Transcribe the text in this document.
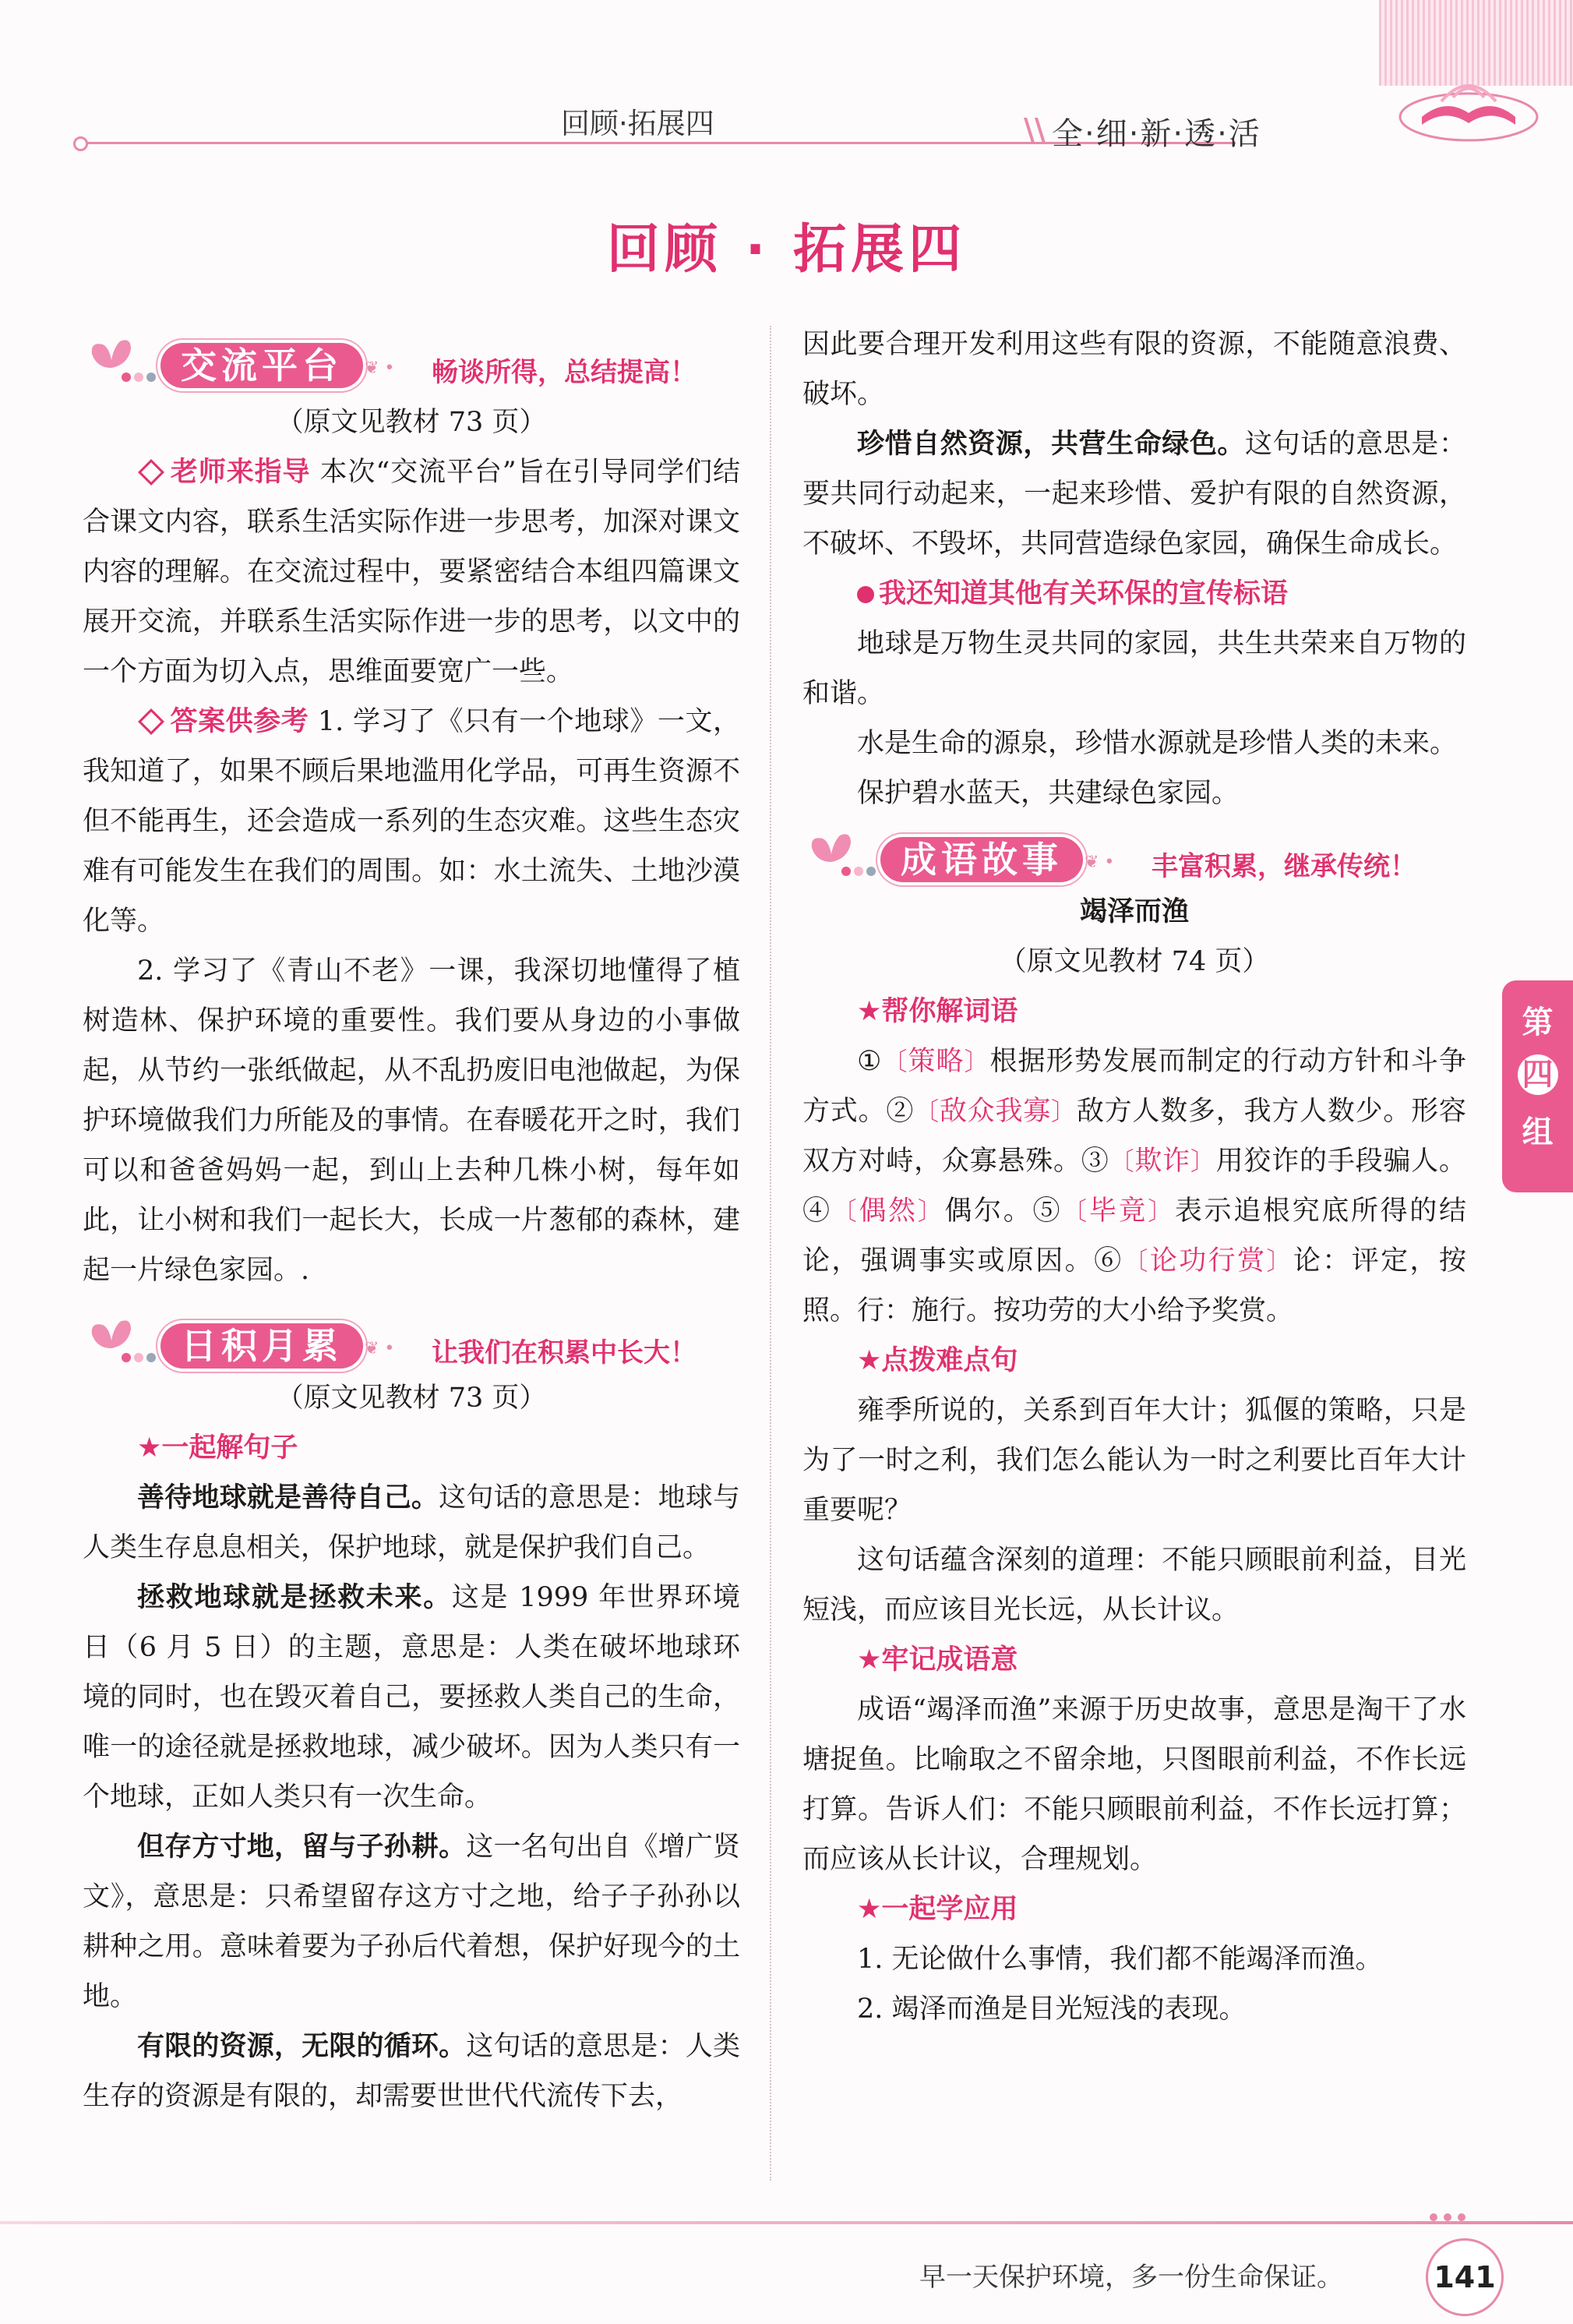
回顾·拓展四	\\ 全·细·新·透·活
回顾 · 拓展四
第
四
组
交流平台	❦ • 畅谈所得，总结提高！

（原文见教材 73 页）

老师来指导 本次“交流平台”旨在引导同学们结合课文内容，联系生活实际作进一步思考，加深对课文内容的理解。在交流过程中，要紧密结合本组四篇课文展开交流，并联系生活实际作进一步的思考，以文中的一个方面为切入点，思维面要宽广一些。

答案供参考 1. 学习了《只有一个地球》一文，我知道了，如果不顾后果地滥用化学品，可再生资源不但不能再生，还会造成一系列的生态灾难。这些生态灾难有可能发生在我们的周围。如：水土流失、土地沙漠化等。

2. 学习了《青山不老》一课，我深切地懂得了植树造林、保护环境的重要性。我们要从身边的小事做起，从节约一张纸做起，从不乱扔废旧电池做起，为保护环境做我们力所能及的事情。在春暖花开之时，我们可以和爸爸妈妈一起，到山上去种几株小树，每年如此，让小树和我们一起长大，长成一片葱郁的森林，建起一片绿色家园。.

日积月累	❦ • 让我们在积累中长大！

（原文见教材 73 页）

★一起解句子

善待地球就是善待自己。这句话的意思是：地球与人类生存息息相关，保护地球，就是保护我们自己。

拯救地球就是拯救未来。这是 1999 年世界环境日（6 月 5 日）的主题，意思是：人类在破坏地球环境的同时，也在毁灭着自己，要拯救人类自己的生命，唯一的途径就是拯救地球，减少破坏。因为人类只有一个地球，正如人类只有一次生命。

但存方寸地，留与子孙耕。这一名句出自《增广贤文》，意思是：只希望留存这方寸之地，给子子孙孙以耕种之用。意味着要为子孙后代着想，保护好现今的土地。

有限的资源，无限的循环。这句话的意思是：人类生存的资源是有限的，却需要世世代代流传下去，

因此要合理开发利用这些有限的资源，不能随意浪费、破坏。

珍惜自然资源，共营生命绿色。这句话的意思是：要共同行动起来，一起来珍惜、爱护有限的自然资源，不破坏、不毁坏，共同营造绿色家园，确保生命成长。

我还知道其他有关环保的宣传标语

地球是万物生灵共同的家园，共生共荣来自万物的和谐。

水是生命的源泉，珍惜水源就是珍惜人类的未来。

保护碧水蓝天，共建绿色家园。

成语故事	❦ • 丰富积累，继承传统！

竭泽而渔

（原文见教材 74 页）

★帮你解词语

①〔策略〕根据形势发展而制定的行动方针和斗争方式。②〔敌众我寡〕敌方人数多，我方人数少。形容双方对峙，众寡悬殊。③〔欺诈〕用狡诈的手段骗人。④〔偶然〕偶尔。⑤〔毕竟〕表示追根究底所得的结论，强调事实或原因。⑥〔论功行赏〕论：评定，按照。行：施行。按功劳的大小给予奖赏。

★点拨难点句

雍季所说的，关系到百年大计；狐偃的策略，只是为了一时之利，我们怎么能认为一时之利要比百年大计重要呢？

这句话蕴含深刻的道理：不能只顾眼前利益，目光短浅，而应该目光长远，从长计议。

★牢记成语意

成语“竭泽而渔”来源于历史故事，意思是淘干了水塘捉鱼。比喻取之不留余地，只图眼前利益，不作长远打算。告诉人们：不能只顾眼前利益，不作长远打算；而应该从长计议，合理规划。

★一起学应用

1. 无论做什么事情，我们都不能竭泽而渔。

2. 竭泽而渔是目光短浅的表现。

早一天保护环境，多一份生命保证。	141
